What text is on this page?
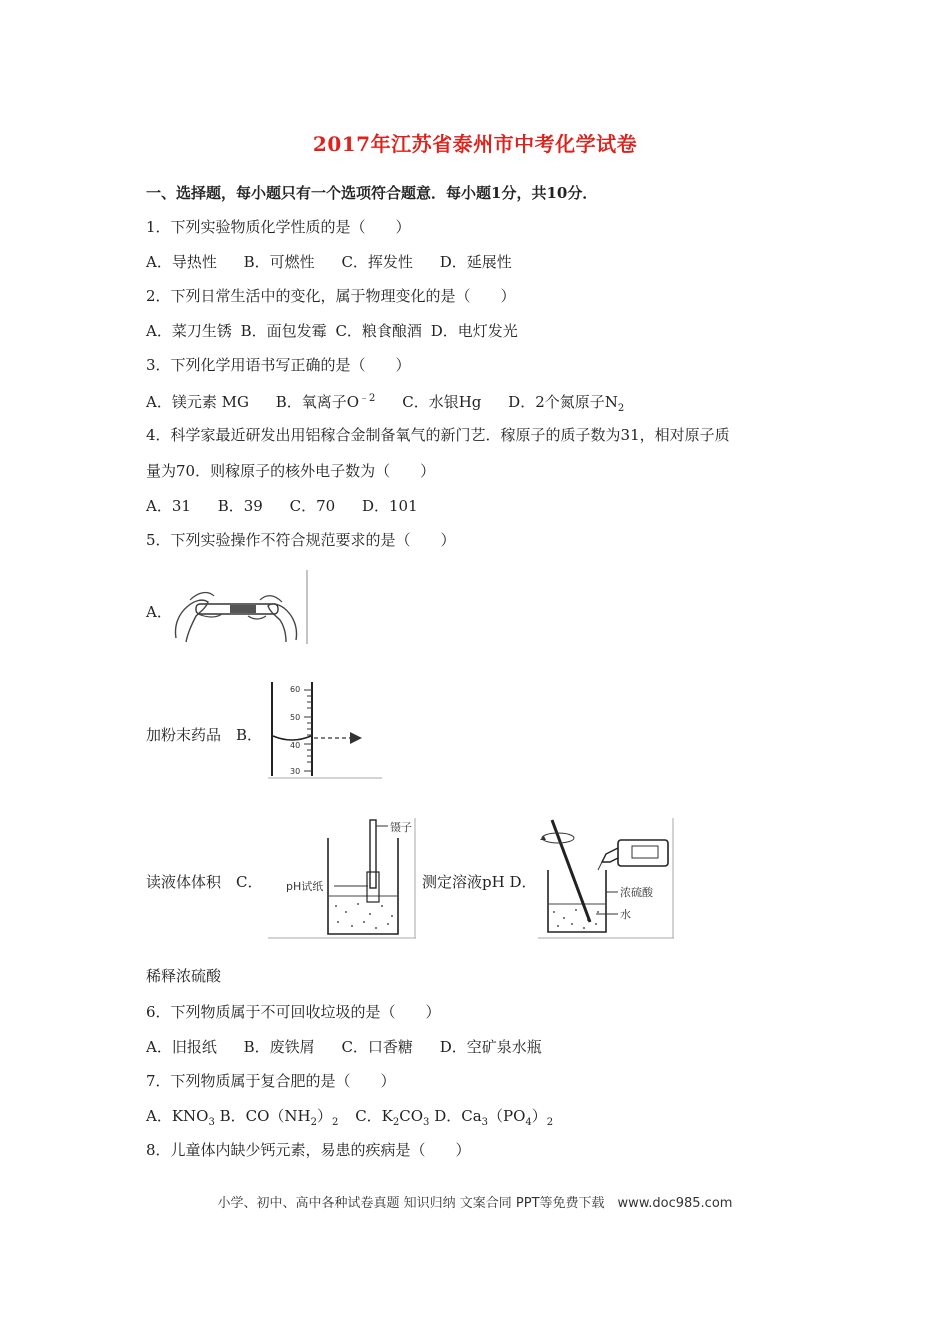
2017年江苏省泰州市中考化学试卷
一、选择题，每小题只有一个选项符合题意．每小题1分，共10分．
1．下列实验物质化学性质的是（　　）
A．导热性 B．可燃性 C．挥发性 D．延展性
2．下列日常生活中的变化，属于物理变化的是（　　）
A．菜刀生锈 B．面包发霉 C．粮食酿酒 D．电灯发光
3．下列化学用语书写正确的是（　　）
A．镁元素 MG B．氧离子$O^{﹣2}$ C．水银Hg D．2个氮原子$N_2$
4．科学家最近研发出用铝稼合金制备氧气的新门艺．稼原子的质子数为31，相对原子质
量为70．则稼原子的核外电子数为（　　）
A．31 B．39 C．70 D．101
5．下列实验操作不符合规范要求的是（　　）
A．
加粉末药品　B．
60
50
40
30
读液体体积　C．
镊子
pH试纸	测定溶液pH D．
浓硫酸
水
稀释浓硫酸
6．下列物质属于不可回收垃圾的是（　　）
A．旧报纸 B．废铁屑 C．口香糖 D．空矿泉水瓶
7．下列物质属于复合肥的是（　　）
A．$KNO_3$ B．$CO(NH_2)_2$ C．$K_2CO_3$ D．$Ca_3(PO_4)_2$
8．儿童体内缺少钙元素，易患的疾病是（　　）
小学、初中、高中各种试卷真题 知识归纳 文案合同 PPT等免费下载　www.doc985.com
